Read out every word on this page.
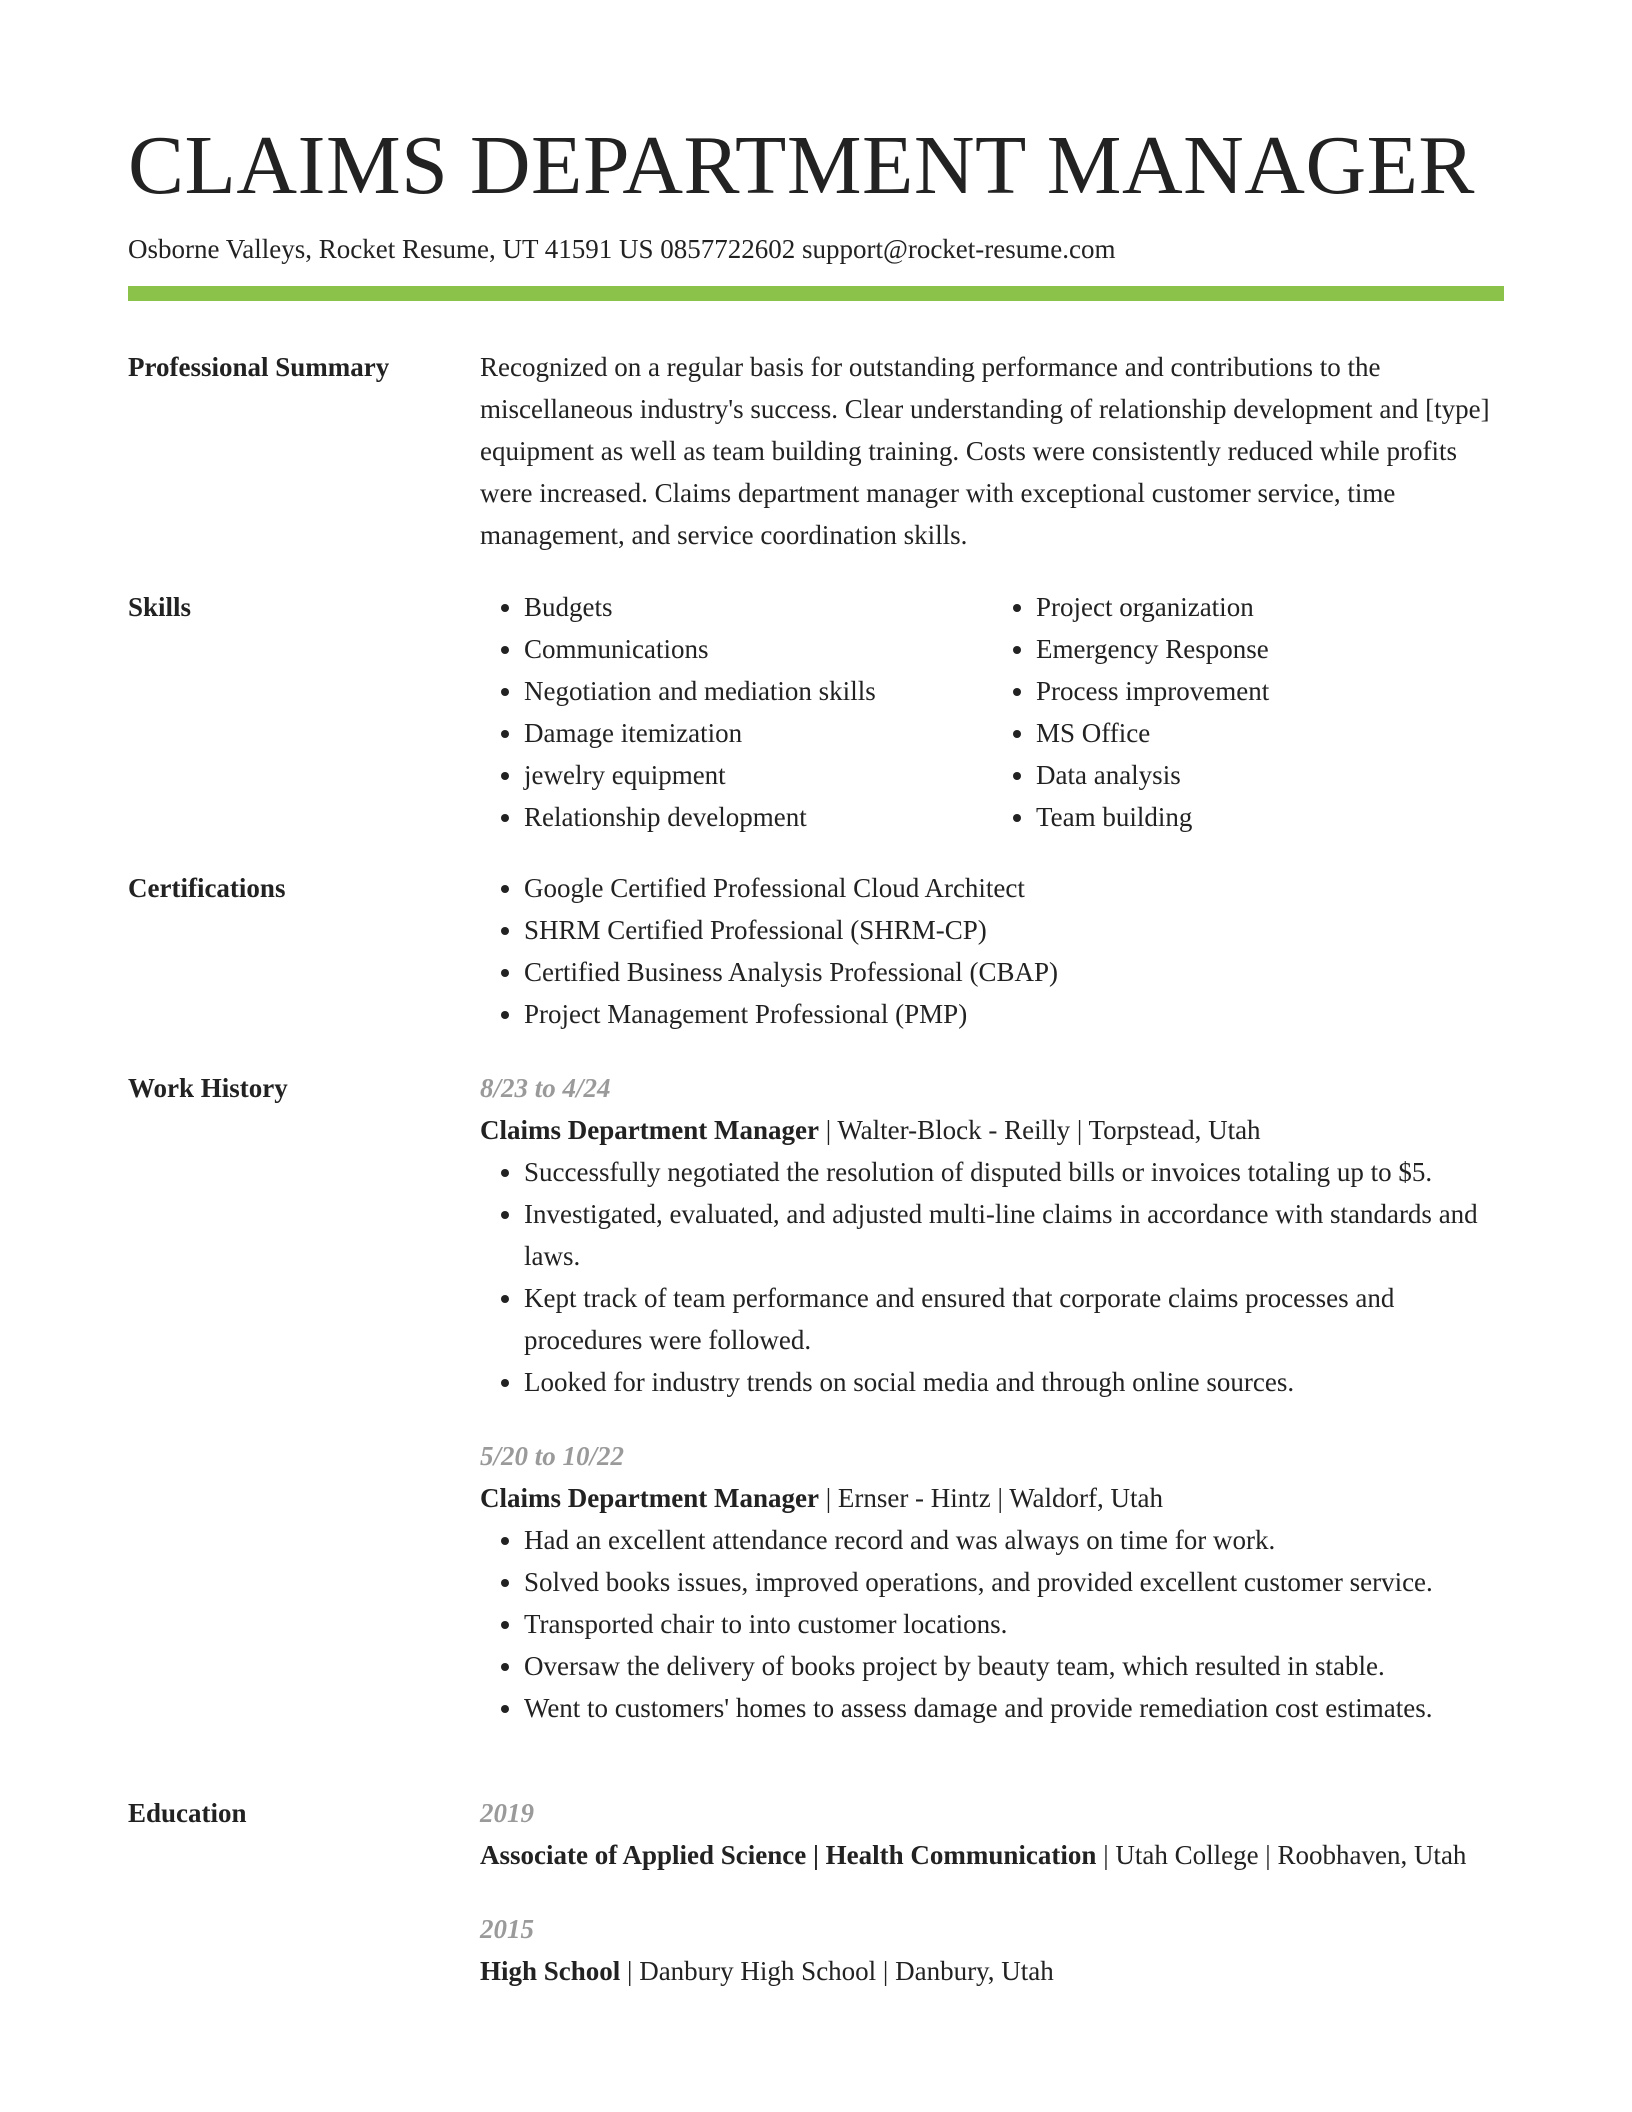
CLAIMS DEPARTMENT MANAGER
Osborne Valleys, Rocket Resume, UT 41591 US 0857722602 support@rocket-resume.com
Professional Summary	Recognized on a regular basis for outstanding performance and contributions to the miscellaneous industry's success. Clear understanding of relationship development and [type] equipment as well as team building training. Costs were consistently reduced while profits were increased. Claims department manager with exceptional customer service, time management, and service coordination skills.

Skills	• Budgets
• Communications
• Negotiation and mediation skills
• Damage itemization
• jewelry equipment
• Relationship development
• Project organization
• Emergency Response
• Process improvement
• MS Office
• Data analysis
• Team building
Certifications	• Google Certified Professional Cloud Architect
• SHRM Certified Professional (SHRM-CP)
• Certified Business Analysis Professional (CBAP)
• Project Management Professional (PMP)
Work History	8/23 to 4/24
Claims Department Manager | Walter-Block - Reilly | Torpstead, Utah
• Successfully negotiated the resolution of disputed bills or invoices totaling up to $5.
• Investigated, evaluated, and adjusted multi-line claims in accordance with standards and laws.
• Kept track of team performance and ensured that corporate claims processes and procedures were followed.
• Looked for industry trends on social media and through online sources.
5/20 to 10/22
Claims Department Manager | Ernser - Hintz | Waldorf, Utah
• Had an excellent attendance record and was always on time for work.
• Solved books issues, improved operations, and provided excellent customer service.
• Transported chair to into customer locations.
• Oversaw the delivery of books project by beauty team, which resulted in stable.
• Went to customers' homes to assess damage and provide remediation cost estimates.
Education	2019
Associate of Applied Science | Health Communication | Utah College | Roobhaven, Utah
2015
High School | Danbury High School | Danbury, Utah
